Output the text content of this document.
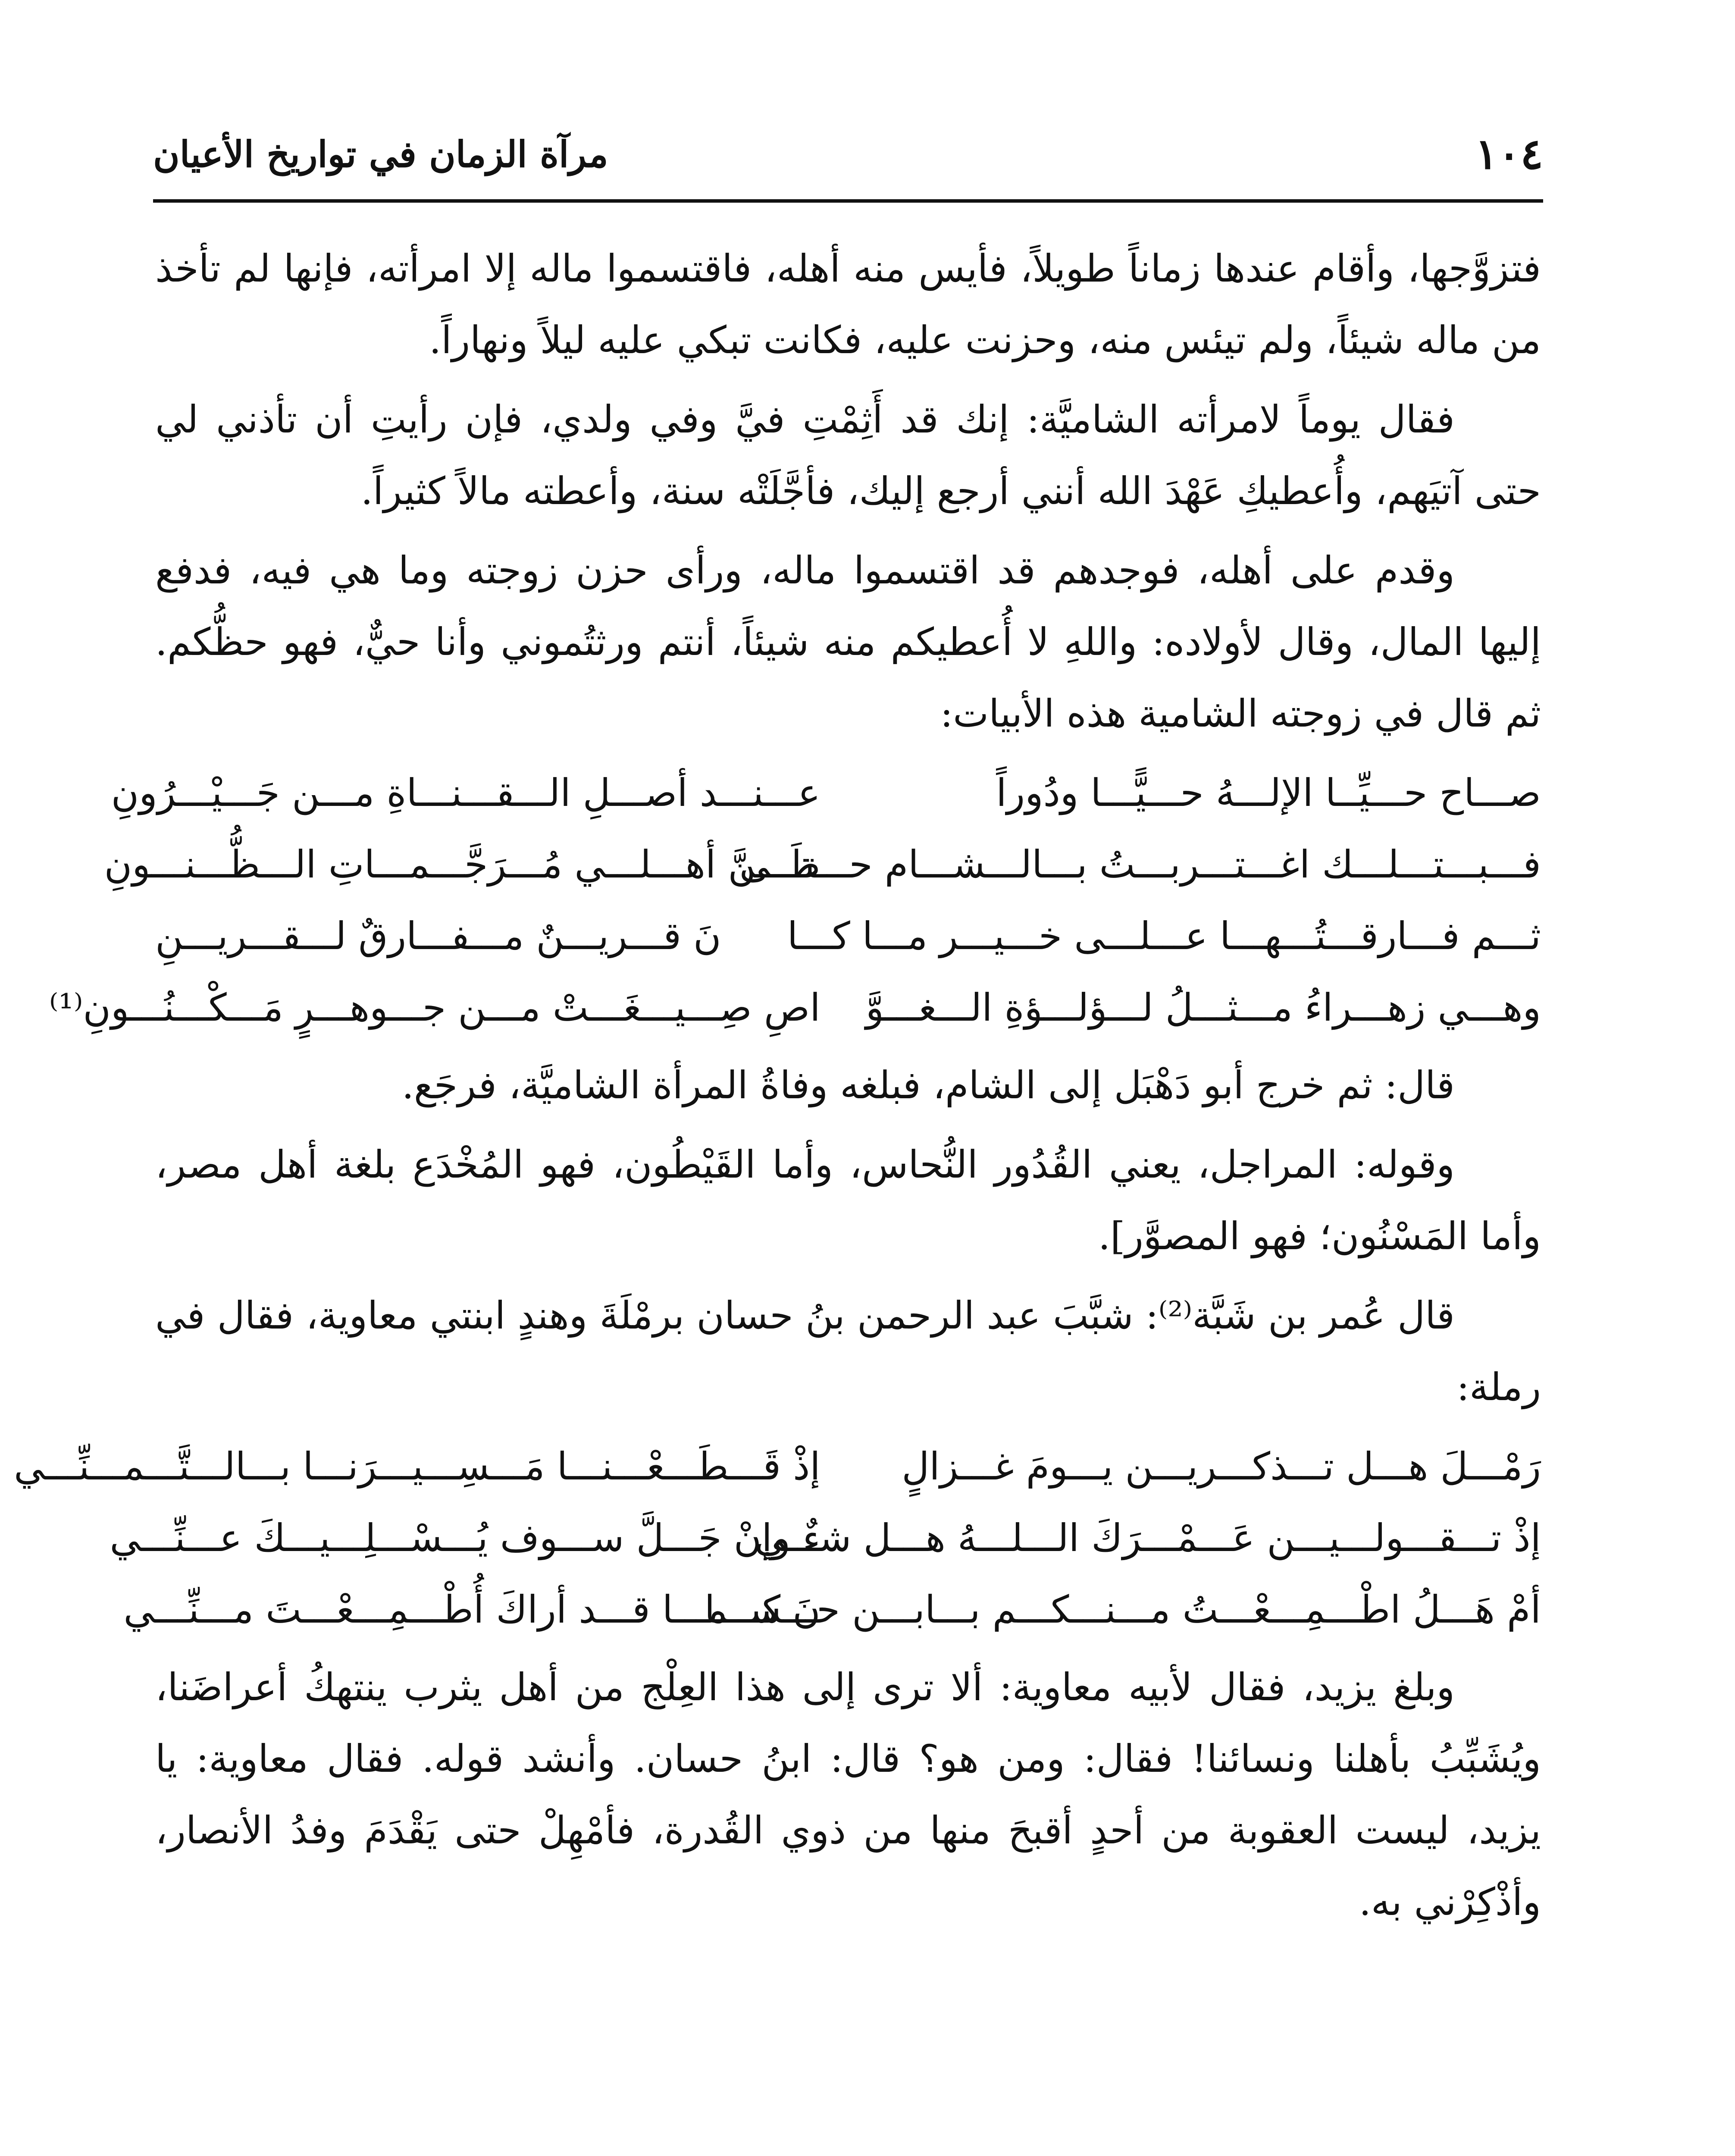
١٠٤
مرآة الزمان في تواريخ الأعيان

فتزوَّجها، وأقام عندها زماناً طويلاً، فأيس منه أهله، فاقتسموا ماله إلا امرأته، فإنها لم تأخذ من ماله شيئاً، ولم تيئس منه، وحزنت عليه، فكانت تبكي عليه ليلاً ونهاراً.

فقال يوماً لامرأته الشاميَّة: إنك قد أَثِمْتِ فيَّ وفي ولدي، فإن رأيتِ أن تأذني لي حتى آتيَهم، وأُعطيكِ عَهْدَ الله أنني أرجع إليك، فأجَّلَتْه سنة، وأعطته مالاً كثيراً.

وقدم على أهله، فوجدهم قد اقتسموا ماله، ورأى حزن زوجته وما هي فيه، فدفع إليها المال، وقال لأولاده: واللهِ لا أُعطيكم منه شيئاً، أنتم ورثتُموني وأنا حيٌّ، فهو حظُّكم. ثم قال في زوجته الشامية هذه الأبيات:

صـــاح حـــيِّــا الإلـــهُ حـــيًّـــا ودُوراً
عـــنـــد أصـــلِ الـــقـــنـــاةِ مـــن جَـــيْـــرُونِ
فـــبـــتـــلـــك اغـــتـــربـــتُ بـــالـــشـــام حـــتـــى
ظَـــنَّ أهـــلـــي مُـــرَجَّـــمـــاتِ الـــظُّـــنـــونِ
ثـــم فـــارقـــتُـــهـــا عـــلـــى خـــيـــر مـــا كـــا
نَ قـــريـــنٌ مـــفـــارقٌ لـــقـــريـــنِ
وهـــي زهـــراءُ مـــثـــلُ لـــؤلـــؤةِ الـــغـــوَّ
اصِ صِـــيـــغَـــتْ مـــن جـــوهـــرٍ مَـــكْـــنُـــونِ⁽¹⁾

قال: ثم خرج أبو دَهْبَل إلى الشام، فبلغه وفاةُ المرأة الشاميَّة، فرجَع.

وقوله: المراجل، يعني القُدُور النُّحاس، وأما القَيْطُون، فهو المُخْدَع بلغة أهل مصر، وأما المَسْنُون؛ فهو المصوَّر].

قال عُمر بن شَبَّة⁽²⁾: شبَّبَ عبد الرحمن بنُ حسان برمْلَةَ وهندٍ ابنتي معاوية، فقال في رملة:

رَمْـــلَ هـــل تـــذكـــريـــن يـــومَ غـــزالٍ
إذْ قَـــطَـــعْـــنـــا مَـــسِـــيـــرَنـــا بـــالـــتَّـــمـــنِّـــي
إذْ تـــقـــولـــيـــن عَـــمْـــرَكَ الـــلـــهُ هـــل شـــي
ءٌ وإنْ جَـــلَّ ســـوف يُـــسْـــلِـــيـــكَ عـــنِّـــي
أمْ هَـــلُ اطْـــمِـــعْـــتُ مـــنـــكـــم بـــابـــن حـــســـا
نَ كـــمـــا قـــد أراكَ أُطْـــمِـــعْـــتَ مـــنِّـــي

وبلغ يزيد، فقال لأبيه معاوية: ألا ترى إلى هذا العِلْج من أهل يثرب ينتهكُ أعراضَنا، ويُشَبِّبُ بأهلنا ونسائنا! فقال: ومن هو؟ قال: ابنُ حسان. وأنشد قوله. فقال معاوية: يا يزيد، ليست العقوبة من أحدٍ أقبحَ منها من ذوي القُدرة، فأمْهِلْ حتى يَقْدَمَ وفدُ الأنصار، وأذْكِرْني به.
